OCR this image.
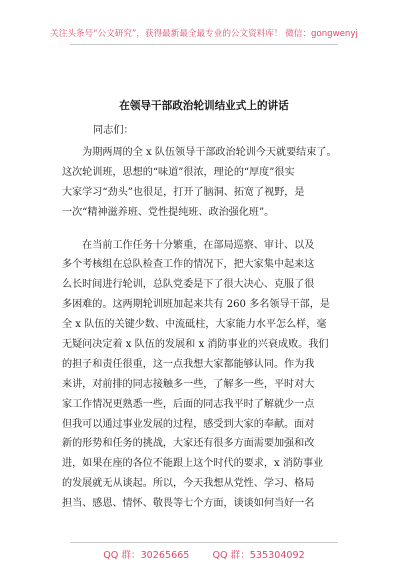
关注头条号“公文研究”，获得最新最全最专业的公文资料库！ 微信：gongwenyj
在领导干部政治轮训结业式上的讲话
同志们：
　　为期两周的全 x 队伍领导干部政治轮训今天就要结束了。
这次轮训班，思想的“味道”很浓，理论的“厚度”很实
大家学习“劲头”也很足，打开了脑洞、拓宽了视野，是
一次“精神滋养班、党性提纯班、政治强化班”。
　　在当前工作任务十分繁重，在部局巡察、审计、以及
多个考核组在总队检查工作的情况下，把大家集中起来这
么长时间进行轮训，总队党委是下了很大决心、克服了很
多困难的。这两期轮训班加起来共有 260 多名领导干部，是
全 x 队伍的关键少数、中流砥柱，大家能力水平怎么样，毫
无疑问决定着 x 队伍的发展和 x 消防事业的兴衰成败。我们
的担子和责任很重，这一点我想大家都能够认同。作为我
来讲，对前排的同志接触多一些，了解多一些，平时对大
家工作情况更熟悉一些，后面的同志我平时了解就少一点
但我可以通过事业发展的过程，感受到大家的奉献。面对
新的形势和任务的挑战，大家还有很多方面需要加强和改
进，如果在座的各位不能跟上这个时代的要求，x 消防事业
的发展就无从谈起。所以，今天我想从党性、学习、格局
担当、感恩、情怀、敬畏等七个方面，谈谈如何当好一名
QQ 群：30265665 QQ 群：535304092
